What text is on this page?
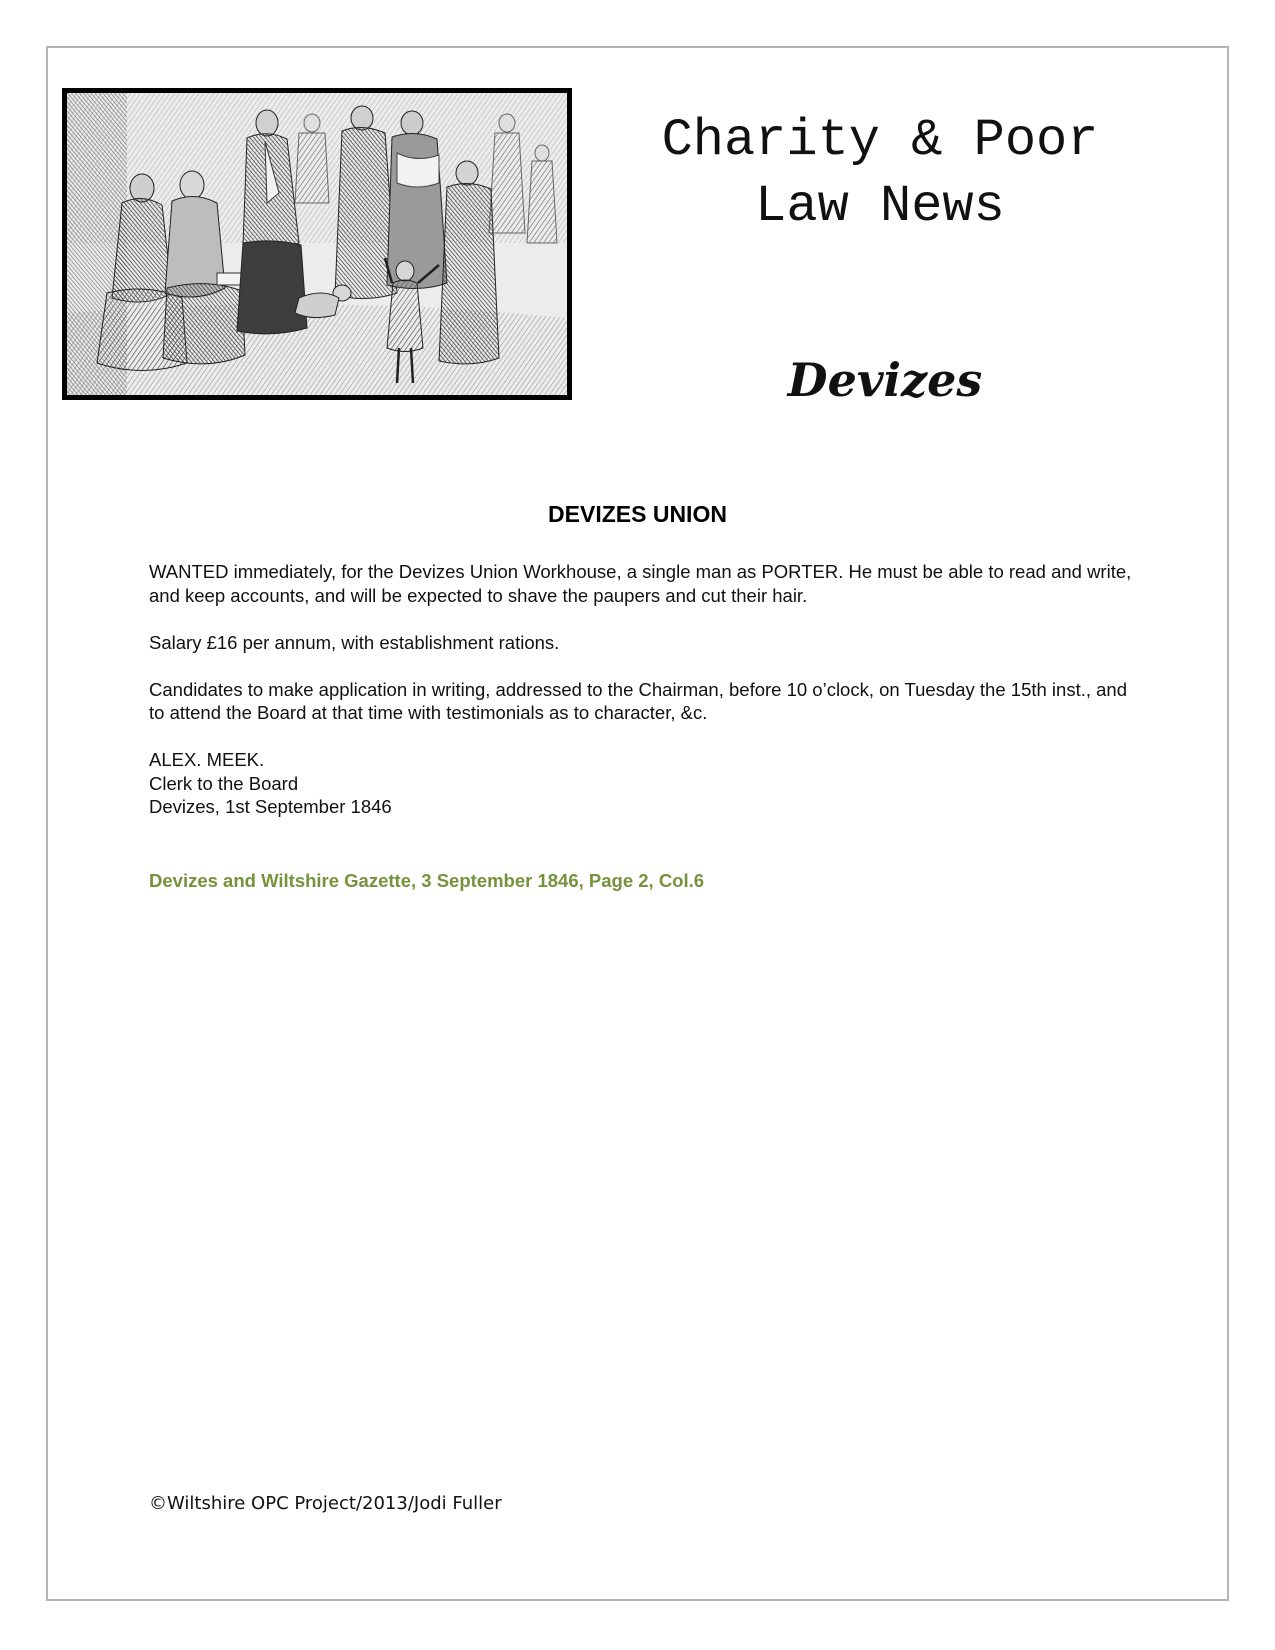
Charity & Poor
Law News
Devizes
DEVIZES UNION

WANTED immediately, for the Devizes Union Workhouse, a single man as PORTER. He must be able to read and write, and keep accounts, and will be expected to shave the paupers and cut their hair.

Salary £16 per annum, with establishment rations.

Candidates to make application in writing, addressed to the Chairman, before 10 o’clock, on Tuesday the 15th inst., and to attend the Board at that time with testimonials as to character, &c.

ALEX. MEEK.

Clerk to the Board

Devizes, 1st September 1846

Devizes and Wiltshire Gazette, 3 September 1846, Page 2, Col.6

©Wiltshire OPC Project/2013/Jodi Fuller
